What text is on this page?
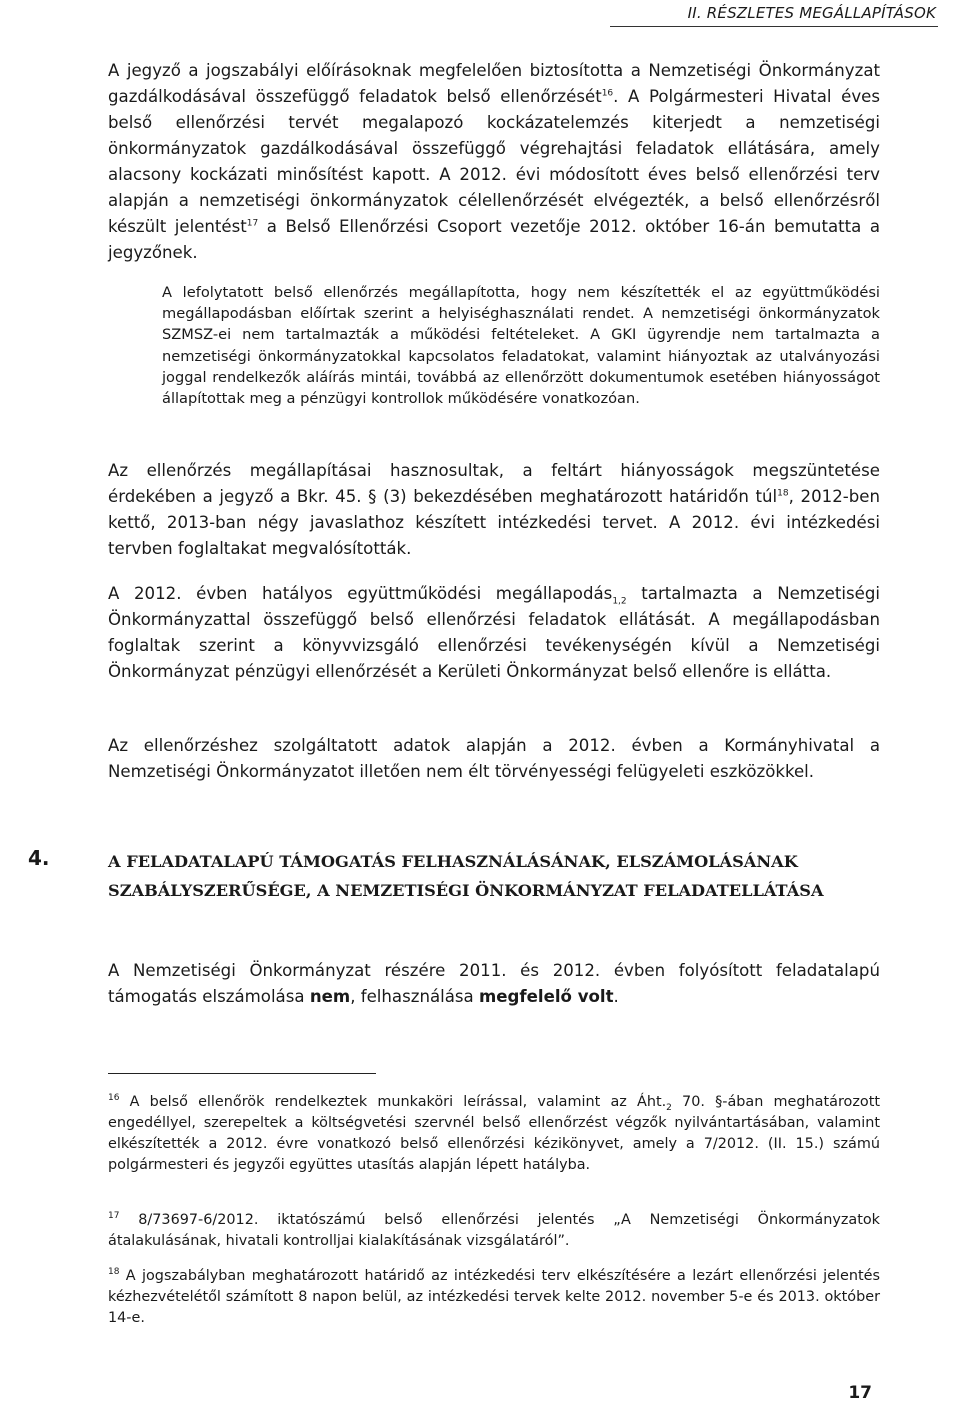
II. RÉSZLETES MEGÁLLAPÍTÁSOK

A jegyző a jogszabályi előírásoknak megfelelően biztosította a Nemzetiségi Önkormányzat gazdálkodásával összefüggő feladatok belső ellenőrzését$^{16}$. A Polgármesteri Hivatal éves belső ellenőrzési tervét megalapozó kockázatelemzés kiterjedt a nemzetiségi önkormányzatok gazdálkodásával összefüggő végrehajtási feladatok ellátására, amely alacsony kockázati minősítést kapott. A 2012. évi módosított éves belső ellenőrzési terv alapján a nemzetiségi önkormányzatok célellenőrzését elvégezték, a belső ellenőrzésről készült jelentést$^{17}$ a Belső Ellenőrzési Csoport vezetője 2012. október 16-án bemutatta a jegyzőnek.

A lefolytatott belső ellenőrzés megállapította, hogy nem készítették el az együttműködési megállapodásban előírtak szerint a helyiséghasználati rendet. A nemzetiségi önkormányzatok SZMSZ-ei nem tartalmazták a működési feltételeket. A GKI ügyrendje nem tartalmazta a nemzetiségi önkormányzatokkal kapcsolatos feladatokat, valamint hiányoztak az utalványozási joggal rendelkezők aláírás mintái, továbbá az ellenőrzött dokumentumok esetében hiányosságot állapítottak meg a pénzügyi kontrollok működésére vonatkozóan.

Az ellenőrzés megállapításai hasznosultak, a feltárt hiányosságok megszüntetése érdekében a jegyző a Bkr. 45. § (3) bekezdésében meghatározott határidőn túl$^{18}$, 2012-ben kettő, 2013-ban négy javaslathoz készített intézkedési tervet. A 2012. évi intézkedési tervben foglaltakat megvalósították.

A 2012. évben hatályos együttműködési megállapodás$_{1,2}$ tartalmazta a Nemzetiségi Önkormányzattal összefüggő belső ellenőrzési feladatok ellátását. A megállapodásban foglaltak szerint a könyvvizsgáló ellenőrzési tevékenységén kívül a Nemzetiségi Önkormányzat pénzügyi ellenőrzését a Kerületi Önkormányzat belső ellenőre is ellátta.

Az ellenőrzéshez szolgáltatott adatok alapján a 2012. évben a Kormányhivatal a Nemzetiségi Önkormányzatot illetően nem élt törvényességi felügyeleti eszközökkel.

4.	A FELADATALAPÚ TÁMOGATÁS FELHASZNÁLÁSÁNAK, ELSZÁMOLÁSÁNAK SZABÁLYSZERŰSÉGE, A NEMZETISÉGI ÖNKORMÁNYZAT FELADATELLÁTÁSA

A Nemzetiségi Önkormányzat részére 2011. és 2012. évben folyósított feladatalapú támogatás elszámolása nem, felhasználása megfelelő volt.

$^{16}$ A belső ellenőrök rendelkeztek munkaköri leírással, valamint az $Áht._2$ 70. §-ában meghatározott engedéllyel, szerepeltek a költségvetési szervnél belső ellenőrzést végzők nyilvántartásában, valamint elkészítették a 2012. évre vonatkozó belső ellenőrzési kézikönyvet, amely a 7/2012. (II. 15.) számú polgármesteri és jegyzői együttes utasítás alapján lépett hatályba.

$^{17}$ 8/73697-6/2012. iktatószámú belső ellenőrzési jelentés „A Nemzetiségi Önkormányzatok átalakulásának, hivatali kontrolljai kialakításának vizsgálatáról”.

$^{18}$ A jogszabályban meghatározott határidő az intézkedési terv elkészítésére a lezárt ellenőrzési jelentés kézhezvételétől számított 8 napon belül, az intézkedési tervek kelte 2012. november 5-e és 2013. október 14-e.

17
